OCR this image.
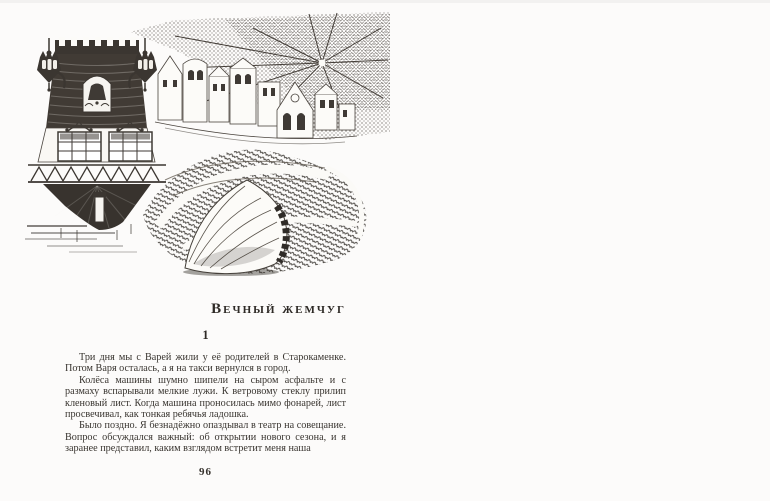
Вечный жемчуг
1

Три дня мы с Варей жили у её родителей в Старокаменке. Потом Варя осталась, а я на такси вернулся в город.

Колёса машины шумно шипели на сыром асфальте и с размаху вспарывали мелкие лужи. К ветровому стеклу прилип кленовый лист. Когда машина проносилась мимо фонарей, лист просвечивал, как тонкая ребячья ладошка.

Было поздно. Я безнадёжно опаздывал в театр на совещание. Вопрос обсуждался важный: об открытии нового сезона, и я заранее представил, каким взглядом встретит меня наша

96
